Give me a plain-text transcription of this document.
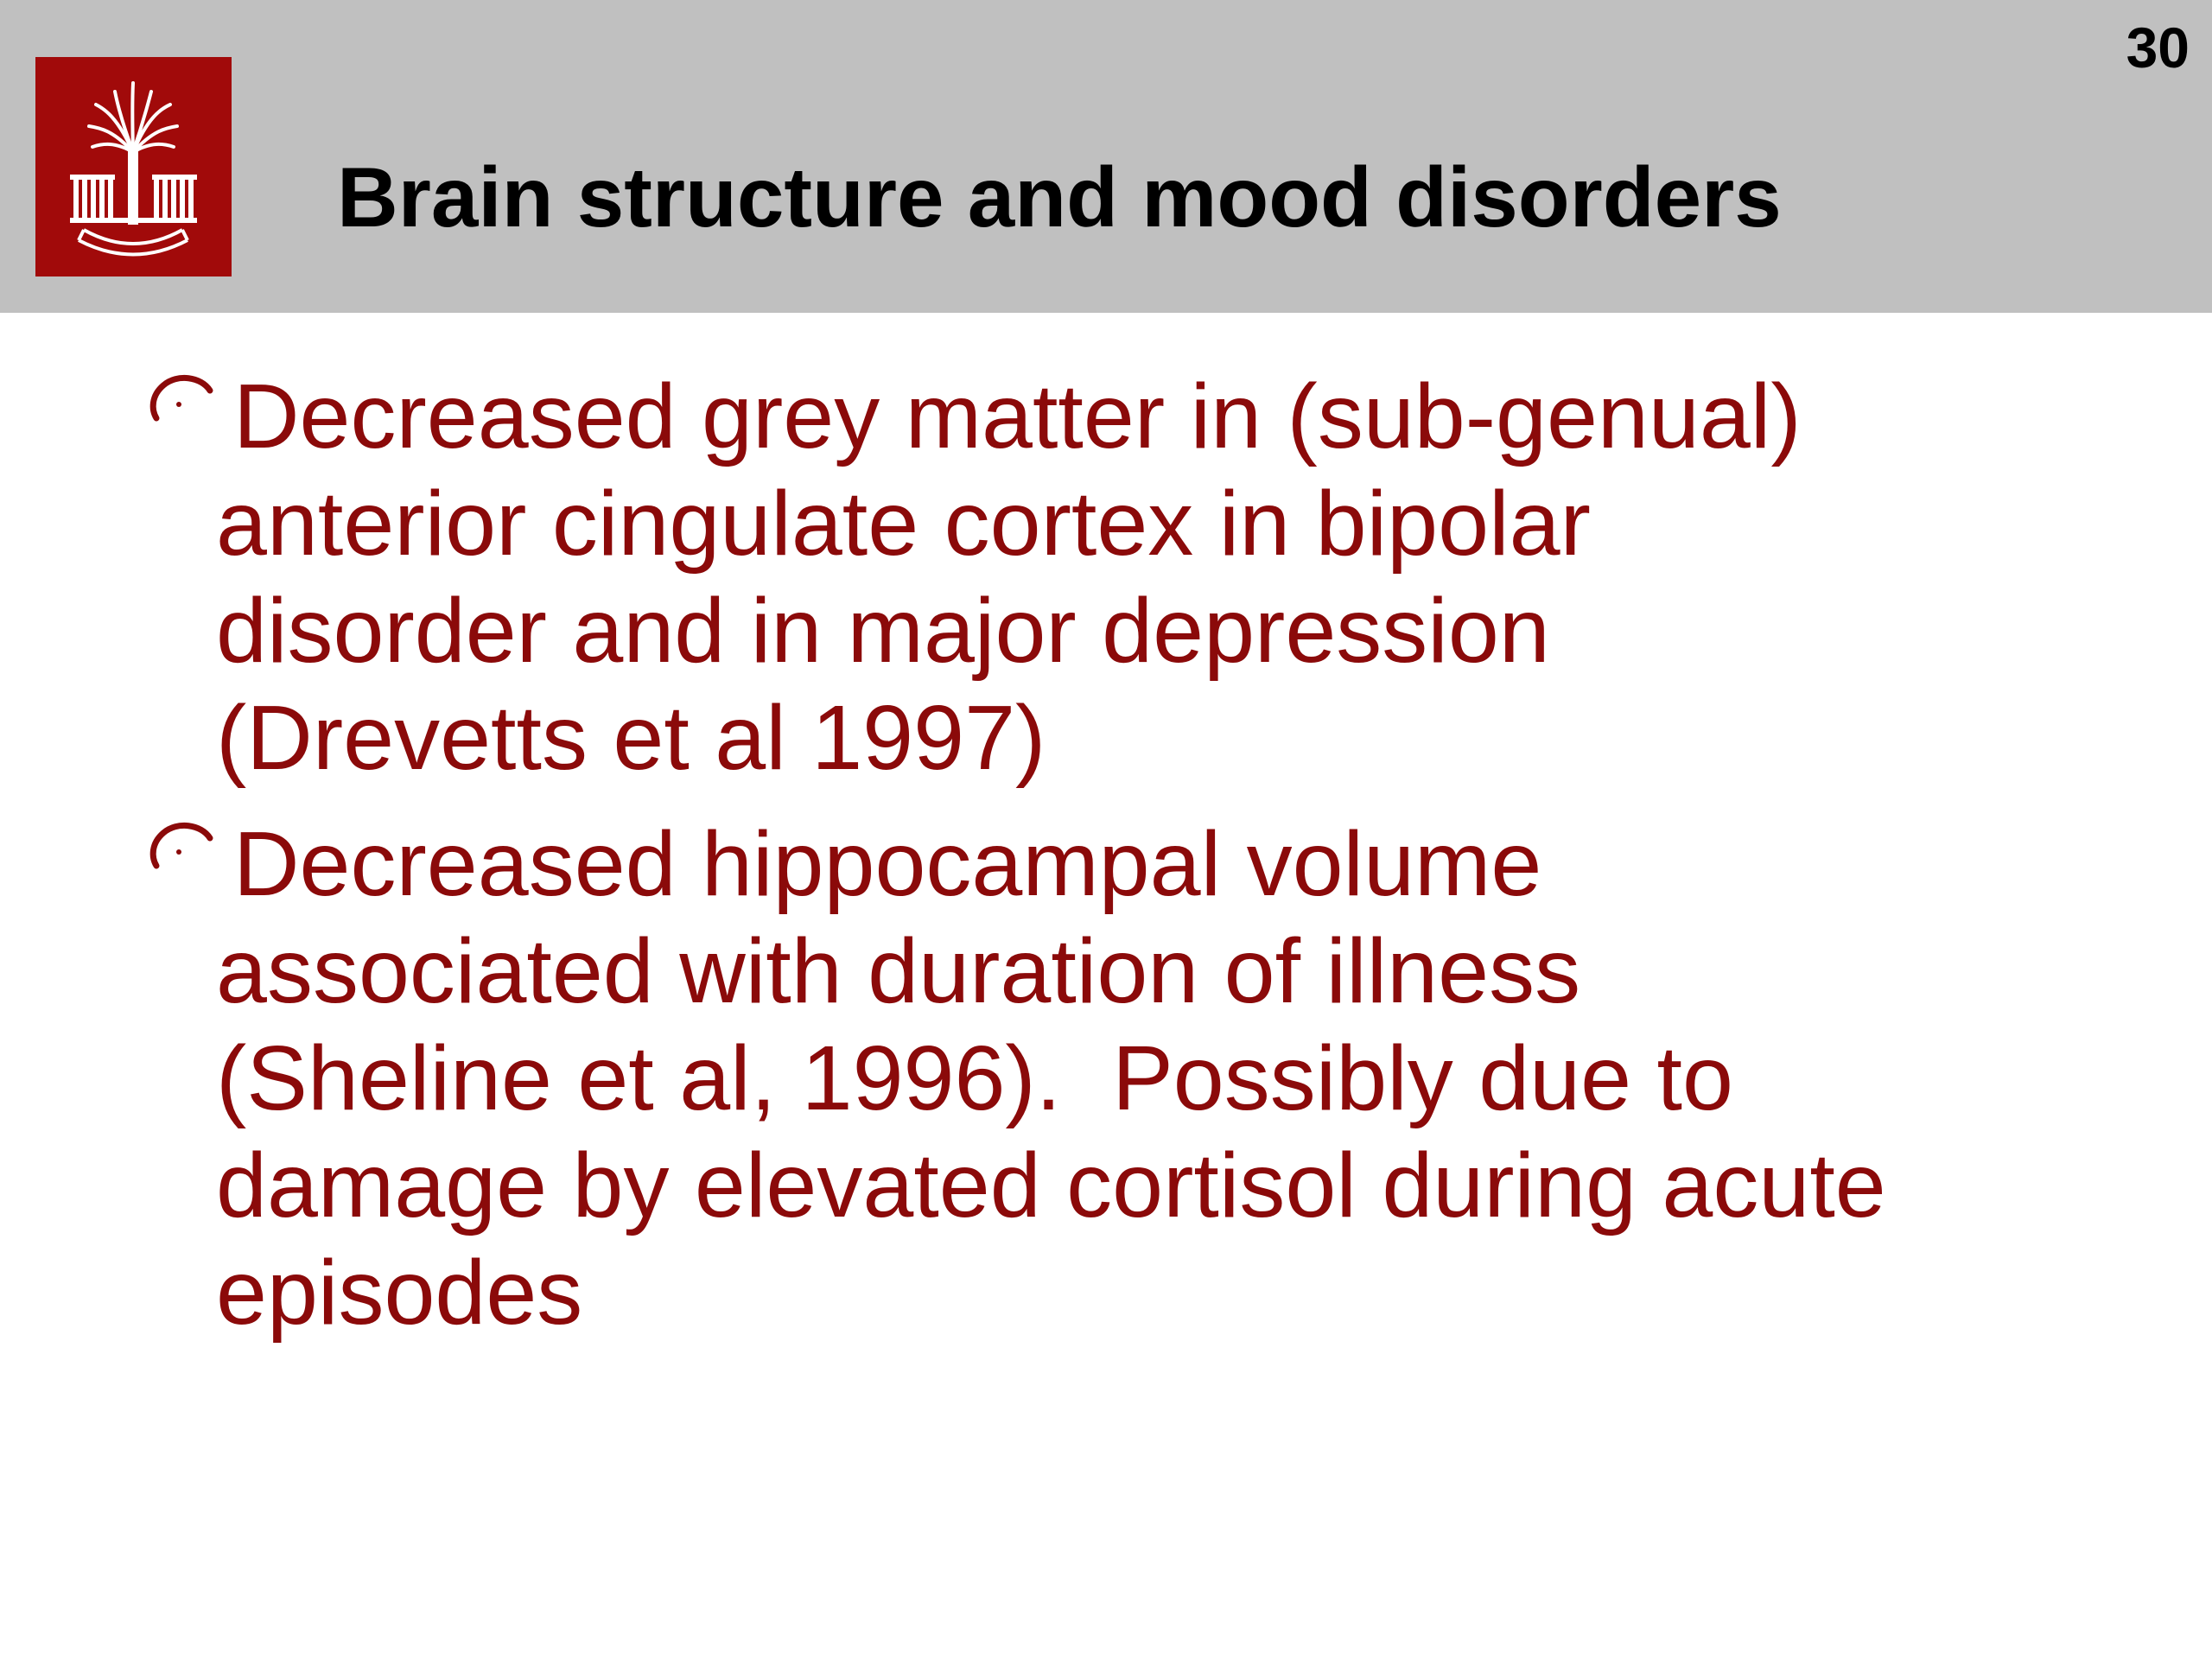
30
Brain structure and mood disorders
Decreased grey matter in (sub-genual)
anterior cingulate cortex in bipolar
disorder and in major depression
(Drevetts et al 1997)
Decreased hippocampal volume
associated with duration of illness
(Sheline et al, 1996).  Possibly due to
damage by elevated cortisol during acute
episodes
